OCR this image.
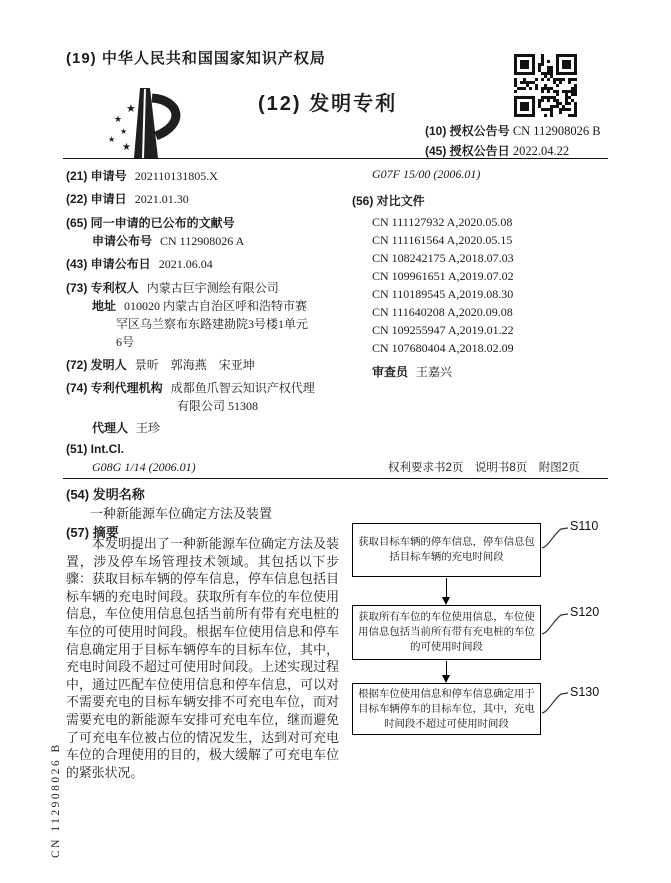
(19) 中华人民共和国国家知识产权局
★
★
★
★
★
(12) 发明专利
(10) 授权公告号 CN 112908026 B
(45) 授权公告日 2022.04.22
(21) 申请号 202110131805.X
(22) 申请日 2021.01.30
(65) 同一申请的已公布的文献号
申请公布号 CN 112908026 A
(43) 申请公布日 2021.06.04
(73) 专利权人 内蒙古巨宇测绘有限公司
地址 010020 内蒙古自治区呼和浩特市赛
罕区乌兰察布东路建勘院3号楼1单元
6号
(72) 发明人 景昕　郭海燕　宋亚坤
(74) 专利代理机构 成都鱼爪智云知识产权代理
有限公司 51308
代理人 王珍
(51) Int.Cl.
G08G 1/14 (2006.01)
G07F 15/00 (2006.01)
(56) 对比文件
CN 111127932 A,2020.05.08
CN 111161564 A,2020.05.15
CN 108242175 A,2018.07.03
CN 109961651 A,2019.07.02
CN 110189545 A,2019.08.30
CN 111640208 A,2020.09.08
CN 109255947 A,2019.01.22
CN 107680404 A,2018.02.09
审查员 王嘉兴
权利要求书2页　说明书8页　附图2页
(54) 发明名称
一种新能源车位确定方法及装置
(57) 摘要
本发明提出了一种新能源车位确定方法及装置，涉及停车场管理技术领域。其包括以下步骤：获取目标车辆的停车信息，停车信息包括目标车辆的充电时间段。获取所有车位的车位使用信息，车位使用信息包括当前所有带有充电桩的车位的可使用时间段。根据车位使用信息和停车信息确定用于目标车辆停车的目标车位，其中，充电时间段不超过可使用时间段。上述实现过程中，通过匹配车位使用信息和停车信息，可以对不需要充电的目标车辆安排不可充电车位，而对需要充电的新能源车安排可充电车位，继而避免了可充电车位被占位的情况发生，达到对可充电车位的合理使用的目的，极大缓解了可充电车位的紧张状况。
获取目标车辆的停车信息，停车信息包括目标车辆的充电时间段
S110
获取所有车位的车位使用信息，车位使用信息包括当前所有带有充电桩的车位的可使用时间段
S120
根据车位使用信息和停车信息确定用于目标车辆停车的目标车位，其中，充电时间段不超过可使用时间段
S130
CN 112908026 B
